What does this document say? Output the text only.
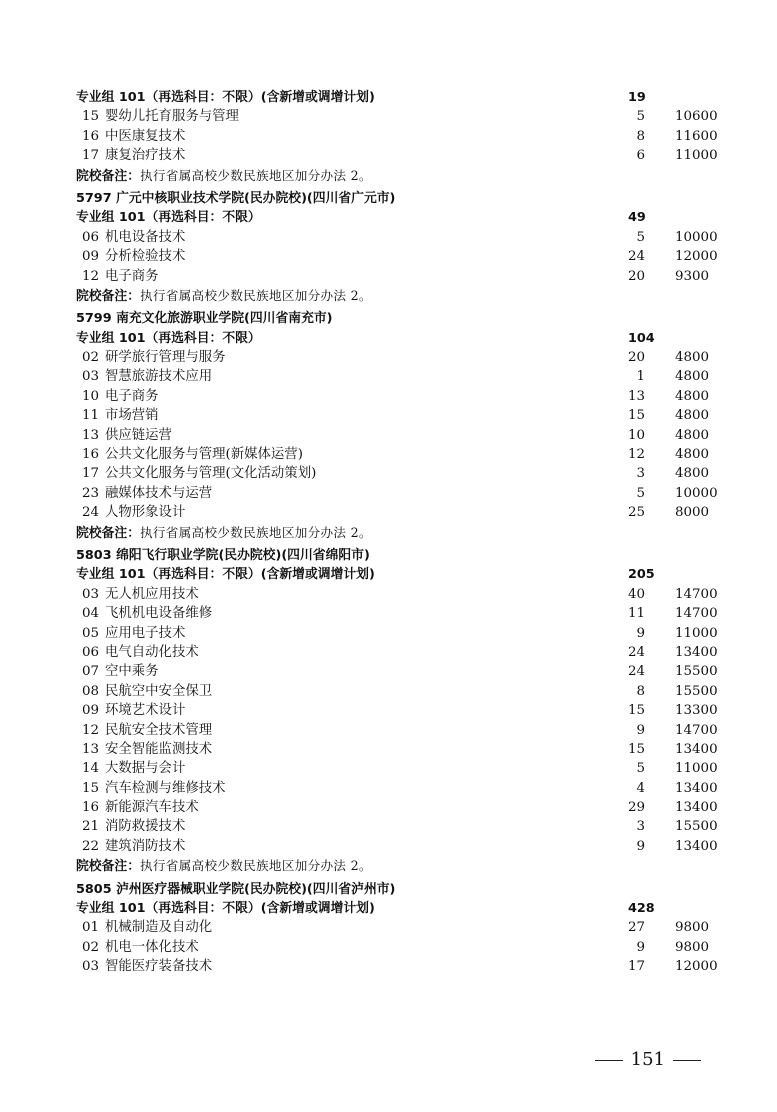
专业组 101（再选科目：不限）(含新增或调增计划)	19
15 婴幼儿托育服务与管理	5 10600
16 中医康复技术	8 11600
17 康复治疗技术	6 11000
院校备注：执行省属高校少数民族地区加分办法 2。
5797 广元中核职业技术学院(民办院校)(四川省广元市)
专业组 101（再选科目：不限）	49
06 机电设备技术	5 10000
09 分析检验技术	24 12000
12 电子商务	20 9300
院校备注：执行省属高校少数民族地区加分办法 2。
5799 南充文化旅游职业学院(四川省南充市)
专业组 101（再选科目：不限）	104
02 研学旅行管理与服务	20 4800
03 智慧旅游技术应用	1 4800
10 电子商务	13 4800
11 市场营销	15 4800
13 供应链运营	10 4800
16 公共文化服务与管理(新媒体运营)	12 4800
17 公共文化服务与管理(文化活动策划)	3 4800
23 融媒体技术与运营	5 10000
24 人物形象设计	25 8000
院校备注：执行省属高校少数民族地区加分办法 2。
5803 绵阳飞行职业学院(民办院校)(四川省绵阳市)
专业组 101（再选科目：不限）(含新增或调增计划)	205
03 无人机应用技术	40 14700
04 飞机机电设备维修	11 14700
05 应用电子技术	9 11000
06 电气自动化技术	24 13400
07 空中乘务	24 15500
08 民航空中安全保卫	8 15500
09 环境艺术设计	15 13300
12 民航安全技术管理	9 14700
13 安全智能监测技术	15 13400
14 大数据与会计	5 11000
15 汽车检测与维修技术	4 13400
16 新能源汽车技术	29 13400
21 消防救援技术	3 15500
22 建筑消防技术	9 13400
院校备注：执行省属高校少数民族地区加分办法 2。
5805 泸州医疗器械职业学院(民办院校)(四川省泸州市)
专业组 101（再选科目：不限）(含新增或调增计划)	428
01 机械制造及自动化	27 9800
02 机电一体化技术	9 9800
03 智能医疗装备技术	17 12000
151
